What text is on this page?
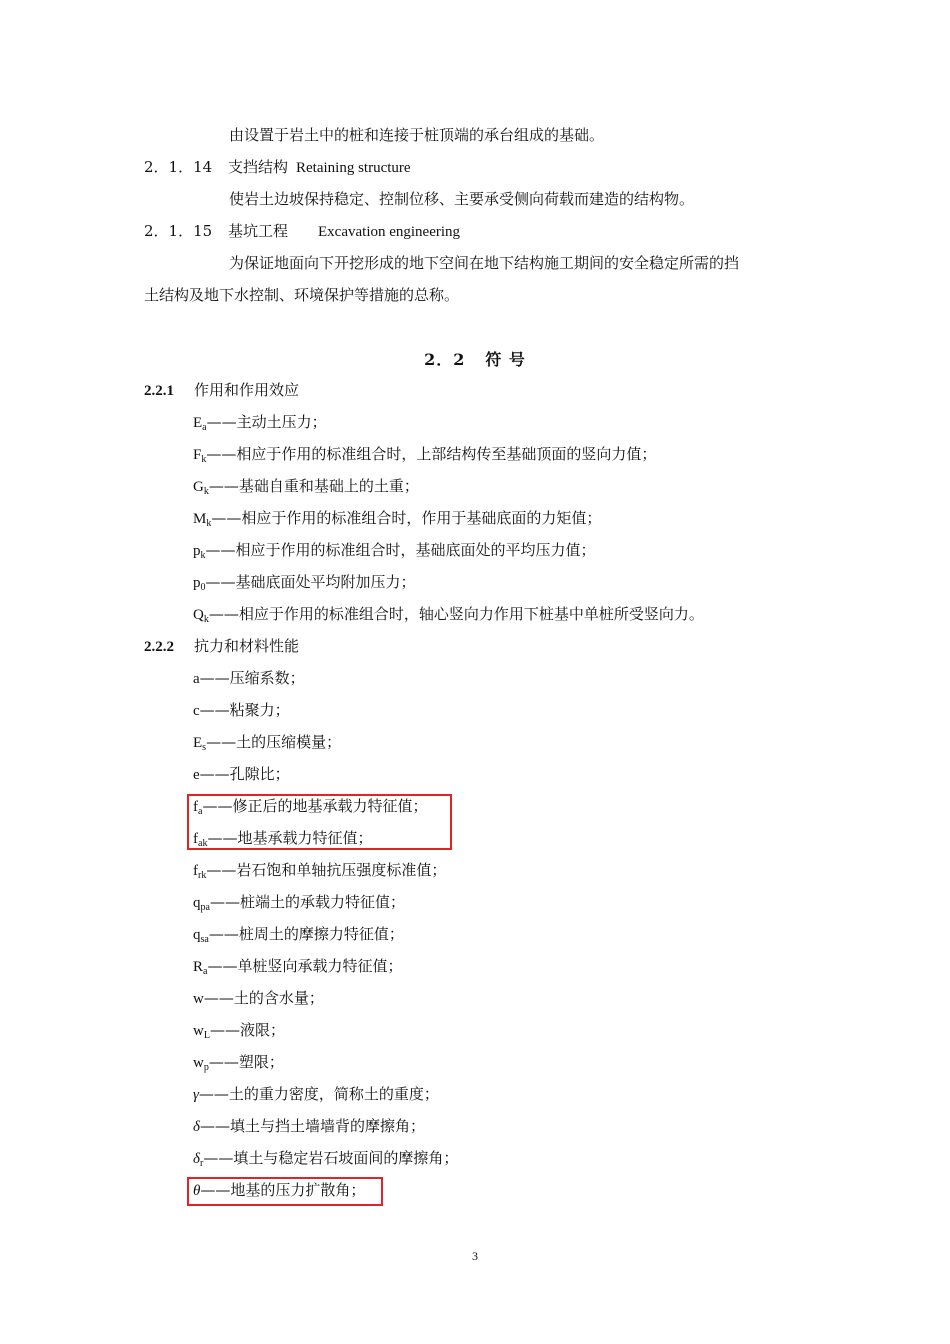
由设置于岩土中的桩和连接于桩顶端的承台组成的基础。
2．1．14 支挡结构 Retaining structure
使岩土边坡保持稳定、控制位移、主要承受侧向荷载而建造的结构物。
2．1．15 基坑工程 Excavation engineering
为保证地面向下开挖形成的地下空间在地下结构施工期间的安全稳定所需的挡
土结构及地下水控制、环境保护等措施的总称。
2．2 符 号
2.2.1 作用和作用效应
$E_a——$主动土压力；
$F_k——$相应于作用的标准组合时，上部结构传至基础顶面的竖向力值；
$G_k——$基础自重和基础上的土重；
$M_k——$相应于作用的标准组合时，作用于基础底面的力矩值；
$p_k——$相应于作用的标准组合时，基础底面处的平均压力值；
$p_0——$基础底面处平均附加压力；
$Q_k——$相应于作用的标准组合时，轴心竖向力作用下桩基中单桩所受竖向力。
2.2.2 抗力和材料性能
a——压缩系数；
c——粘聚力；
$E_s——$土的压缩模量；
e——孔隙比；
$f_a——$修正后的地基承载力特征值；
$f_{ak}——$地基承载力特征值；
$f_{rk}——$岩石饱和单轴抗压强度标准值；
$q_{pa}——$桩端土的承载力特征值；
$q_{sa}——$桩周土的摩擦力特征值；
$R_a——$单桩竖向承载力特征值；
w——土的含水量；
$w_L——$液限；
$w_p——$塑限；
γ——土的重力密度，简称土的重度；
δ——填土与挡土墙墙背的摩擦角；
$\delta_r——$填土与稳定岩石坡面间的摩擦角；
θ——地基的压力扩散角；
3
